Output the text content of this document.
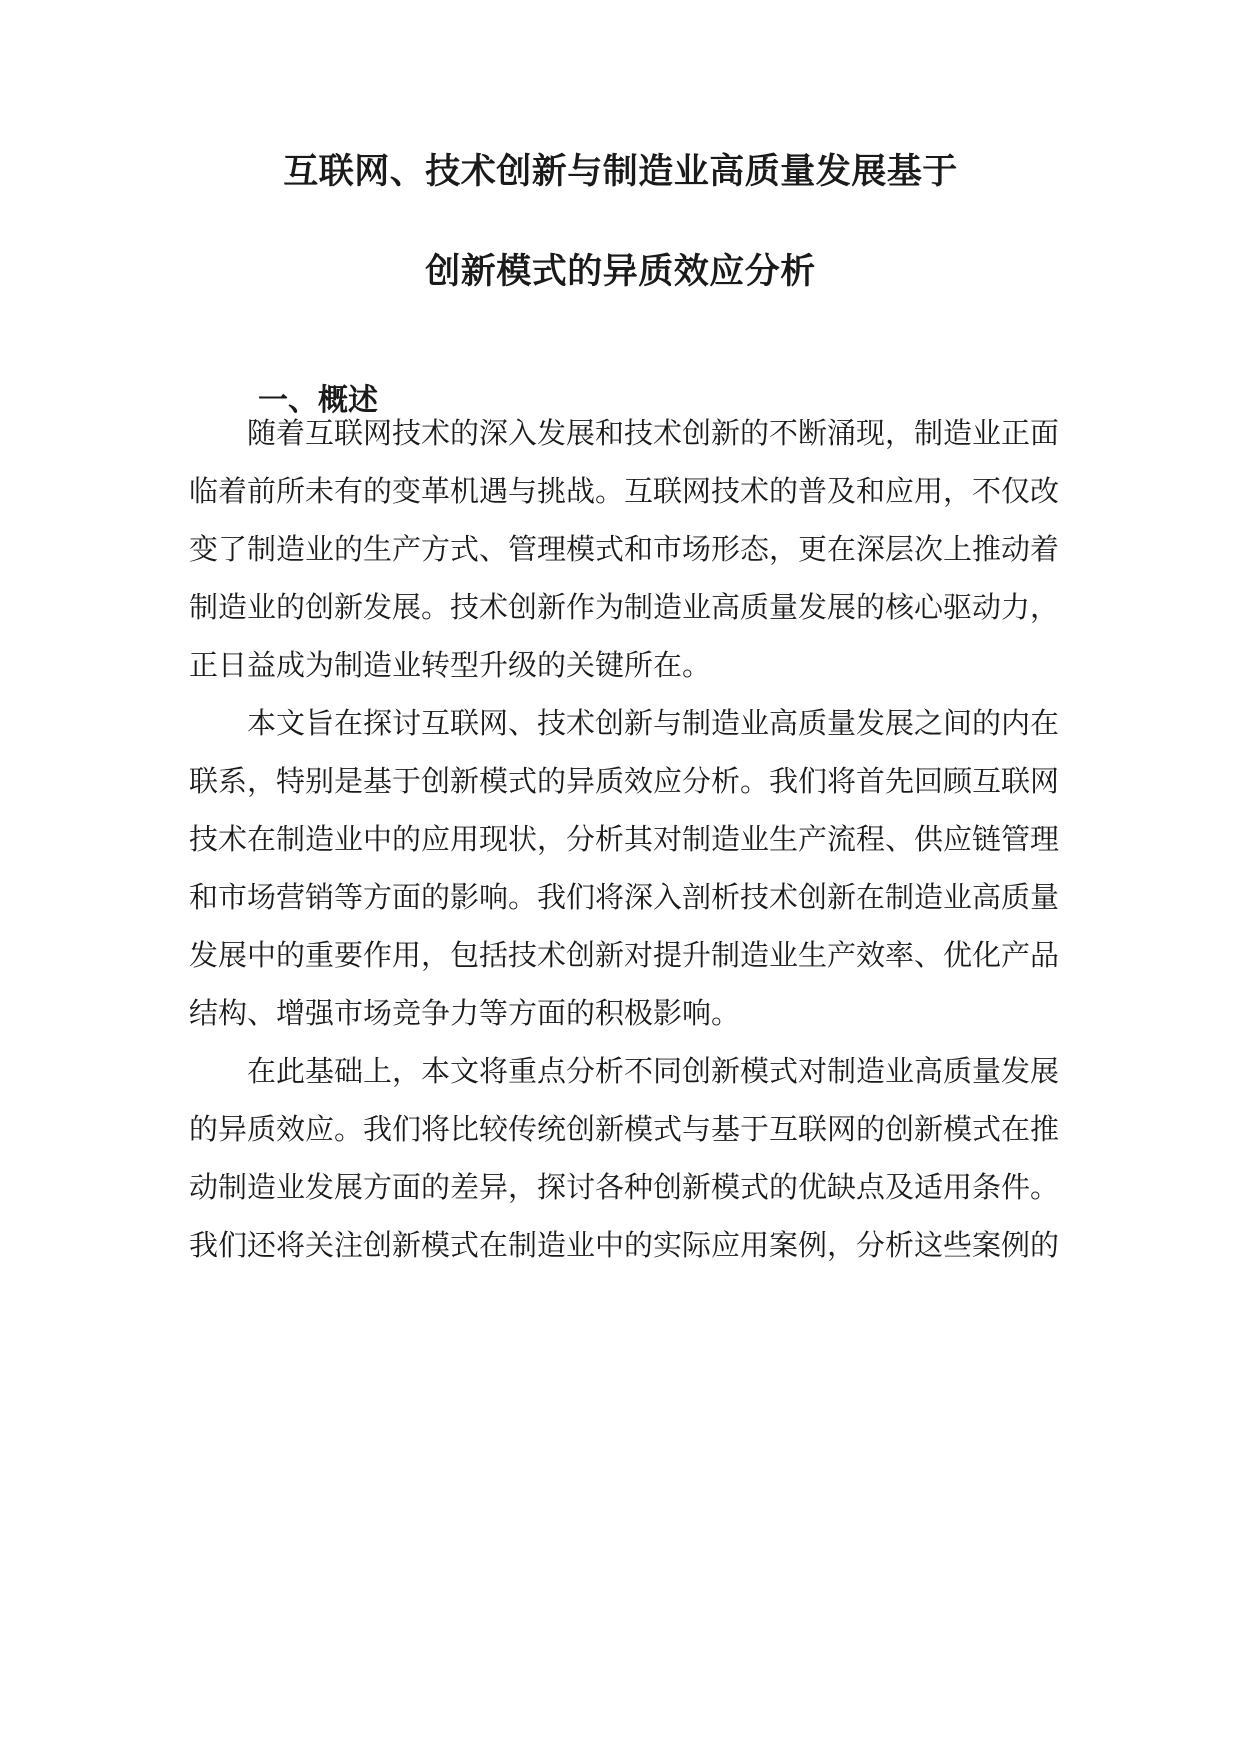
互联网、技术创新与制造业高质量发展基于
创新模式的异质效应分析
一、概述
随着互联网技术的深入发展和技术创新的不断涌现，制造业正面
临着前所未有的变革机遇与挑战。互联网技术的普及和应用，不仅改
变了制造业的生产方式、管理模式和市场形态，更在深层次上推动着
制造业的创新发展。技术创新作为制造业高质量发展的核心驱动力，
正日益成为制造业转型升级的关键所在。
本文旨在探讨互联网、技术创新与制造业高质量发展之间的内在
联系，特别是基于创新模式的异质效应分析。我们将首先回顾互联网
技术在制造业中的应用现状，分析其对制造业生产流程、供应链管理
和市场营销等方面的影响。我们将深入剖析技术创新在制造业高质量
发展中的重要作用，包括技术创新对提升制造业生产效率、优化产品
结构、增强市场竞争力等方面的积极影响。
在此基础上，本文将重点分析不同创新模式对制造业高质量发展
的异质效应。我们将比较传统创新模式与基于互联网的创新模式在推
动制造业发展方面的差异，探讨各种创新模式的优缺点及适用条件。
我们还将关注创新模式在制造业中的实际应用案例，分析这些案例的
